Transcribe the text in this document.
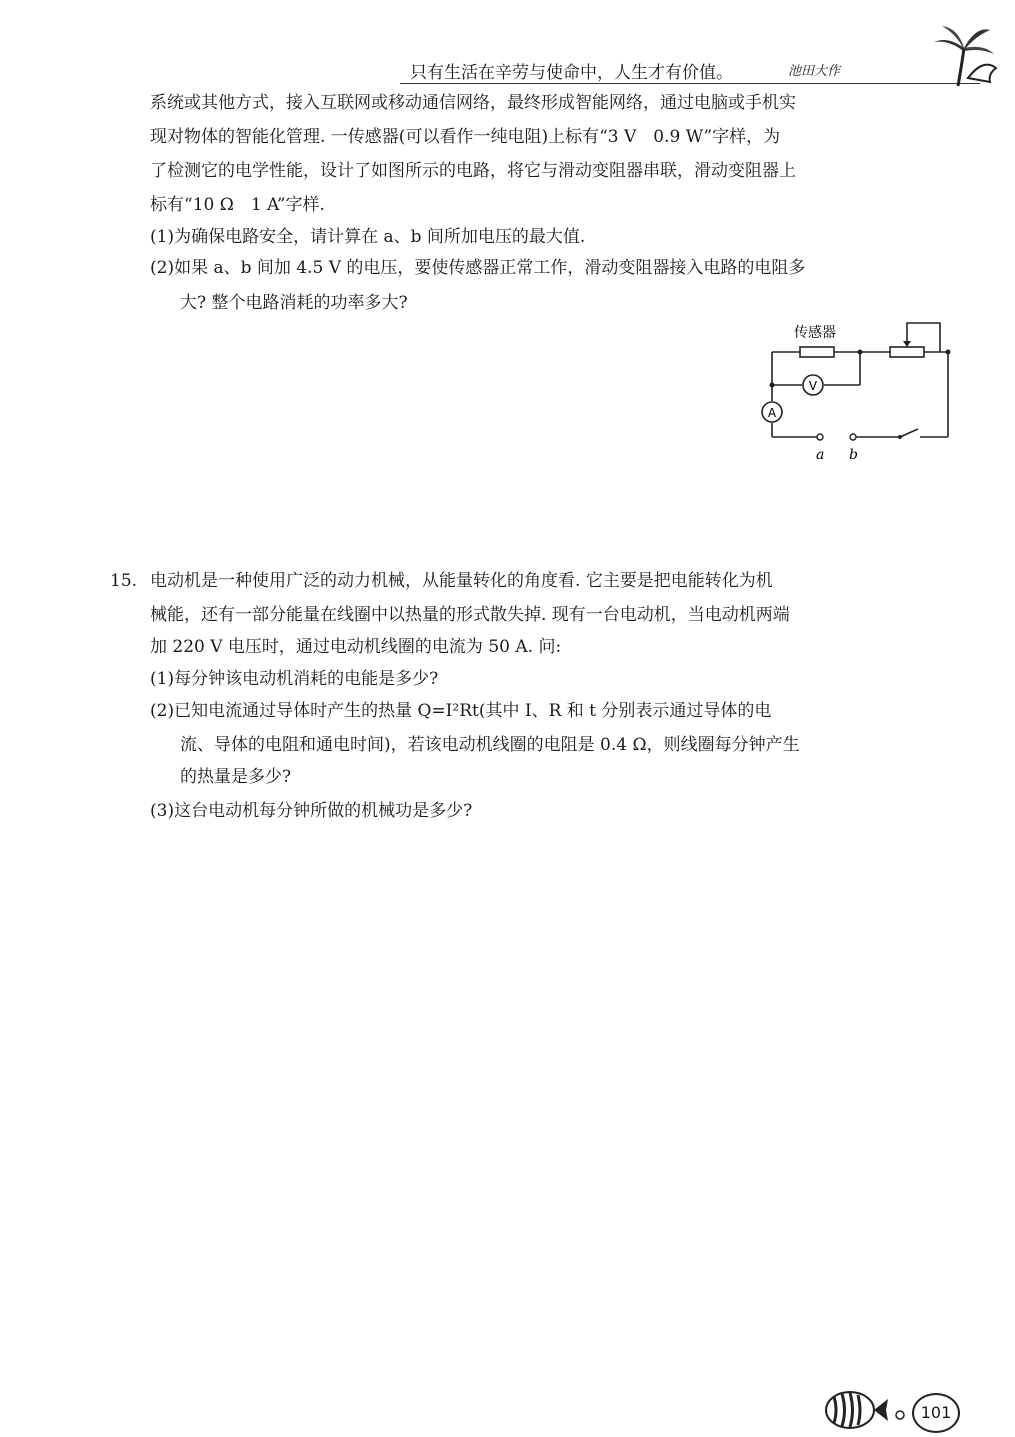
只有生活在辛劳与使命中，人生才有价值。	池田大作
系统或其他方式，接入互联网或移动通信网络，最终形成智能网络，通过电脑或手机实
现对物体的智能化管理. 一传感器(可以看作一纯电阻)上标有“3 V　0.9 W”字样，为
了检测它的电学性能，设计了如图所示的电路，将它与滑动变阻器串联，滑动变阻器上
标有“10 Ω　1 A”字样.
(1)为确保电路安全，请计算在 a、b 间所加电压的最大值.
(2)如果 a、b 间加 4.5 V 的电压，要使传感器正常工作，滑动变阻器接入电路的电阻多
大? 整个电路消耗的功率多大?
V
A
传感器
a b
15. 电动机是一种使用广泛的动力机械，从能量转化的角度看. 它主要是把电能转化为机
械能，还有一部分能量在线圈中以热量的形式散失掉. 现有一台电动机，当电动机两端
加 220 V 电压时，通过电动机线圈的电流为 50 A. 问:
(1)每分钟该电动机消耗的电能是多少?
(2)已知电流通过导体时产生的热量 Q=I²Rt(其中 I、R 和 t 分别表示通过导体的电
流、导体的电阻和通电时间)，若该电动机线圈的电阻是 0.4 Ω，则线圈每分钟产生
的热量是多少?
(3)这台电动机每分钟所做的机械功是多少?
101
